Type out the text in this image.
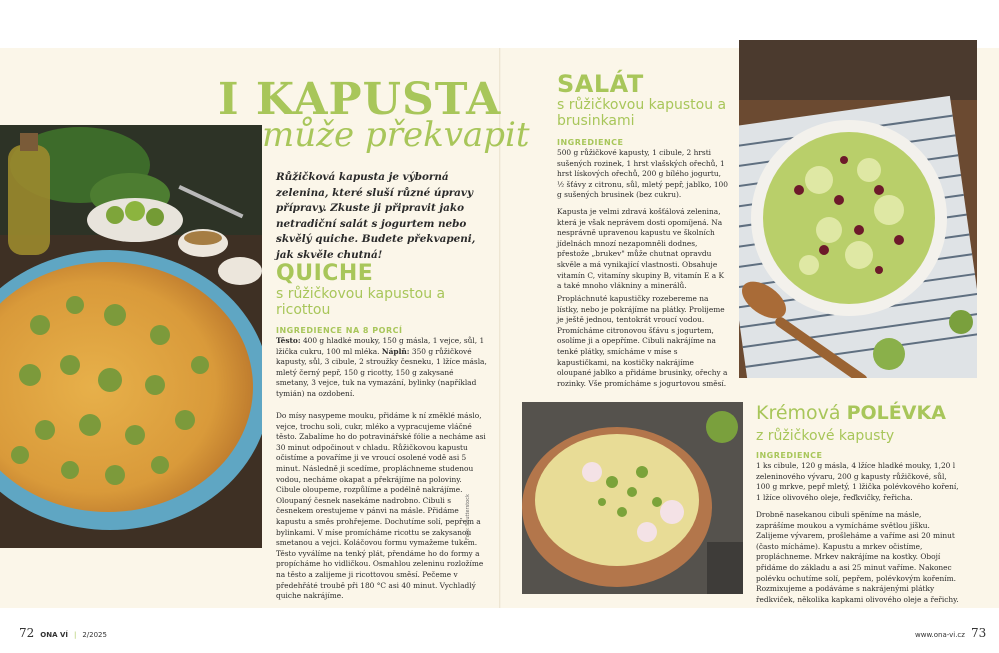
I KAPUSTA
může překvapit
Růžičková kapusta je výborná zelenina, které sluší různé úpravy přípravy. Zkuste ji připravit jako netradiční salát s jogurtem nebo skvělý quiche. Budete překvapeni, jak skvěle chutná!
QUICHE
s růžičkovou kapustou a ricottou
INGREDIENCE NA 8 PORCÍ
Těsto: 400 g hladké mouky, 150 g másla, 1 vejce, sůl, 1 lžička cukru, 100 ml mléka. Náplň: 350 g růžičkové kapusty, sůl, 3 cibule, 2 stroužky česneku, 1 lžíce másla, mletý černý pepř, 150 g ricotty, 150 g zakysané smetany, 3 vejce, tuk na vymazání, bylinky (například tymián) na ozdobení.
Do mísy nasypeme mouku, přidáme k ní změklé máslo, vejce, trochu soli, cukr, mléko a vypracujeme vláčné těsto. Zabalíme ho do potravinářské fólie a necháme asi 30 minut odpočinout v chladu. Růžičkovou kapustu očistíme a povaříme ji ve vroucí osolené vodě asi 5 minut. Následně ji scedíme, propláchneme studenou vodou, necháme okapat a překrájíme na poloviny. Cibule oloupeme, rozpůlíme a podélně nakrájíme. Oloupaný česnek nasekáme nadrobno. Cibuli s česnekem orestujeme v pánvi na másle. Přidáme kapustu a směs prohřejeme. Dochutíme solí, pepřem a bylinkami. V míse promícháme ricottu se zakysanou smetanou a vejci. Koláčovou formu vymažeme tukem. Těsto vyválíme na tenký plát, přendáme ho do formy a propícháme ho vidličkou. Osmahlou zeleninu rozložíme na těsto a zalijeme ji ricottovou směsí. Pečeme v předehřáté troubě při 180 °C asi 40 minut. Vychladlý quiche nakrájíme.
Foto: Shutterstock
SALÁT
s růžičkovou kapustou a brusinkami
INGREDIENCE
500 g růžičkové kapusty, 1 cibule, 2 hrsti sušených rozinek, 1 hrst vlašských ořechů, 1 hrst lískových ořechů, 200 g bílého jogurtu, ½ šťávy z citronu, sůl, mletý pepř, jablko, 100 g sušených brusinek (bez cukru).
Kapusta je velmi zdravá košťálová zelenina, která je však neprávem dosti opomíjená. Na nesprávně upravenou kapustu ve školních jídelnách mnozí nezapomněli dodnes, přestože „brukev" může chutnat opravdu skvěle a má vynikající vlastnosti. Obsahuje vitamín C, vitamíny skupiny B, vitamín E a K a také mnoho vlákniny a minerálů.
Propláchnuté kapustičky rozebereme na lístky, nebo je pokrájíme na plátky. Prolijeme je ještě jednou, tentokrát vroucí vodou. Promícháme citronovou šťávu s jogurtem, osolíme ji a opepříme. Cibuli nakrájíme na tenké plátky, smícháme v míse s kapustičkami, na kostičky nakrájíme oloupané jablko a přidáme brusinky, ořechy a rozinky. Vše promícháme s jogurtovou směsí.
Krémová POLÉVKA
z růžičkové kapusty
INGREDIENCE
1 ks cibule, 120 g másla, 4 lžíce hladké mouky, 1,20 l zeleninového vývaru, 200 g kapusty růžičkové, sůl, 100 g mrkve, pepř mletý, 1 lžička polévkového koření, 1 lžíce olivového oleje, řeďkvičky, řeřicha.
Drobně nasekanou cibuli spěníme na másle, zaprášíme moukou a vymícháme světlou jíšku. Zalijeme vývarem, prošleháme a vaříme asi 20 minut (často mícháme). Kapustu a mrkev očistíme, propláchneme. Mrkev nakrájíme na kostky. Obojí přidáme do základu a asi 25 minut vaříme. Nakonec polévku ochutíme solí, pepřem, polévkovým kořením. Rozmixujeme a podáváme s nakrájenými plátky ředkviček, několika kapkami olivového oleje a řeřichy.
72 ONA VÍ | 2/2025	www.ona-vi.cz 73
